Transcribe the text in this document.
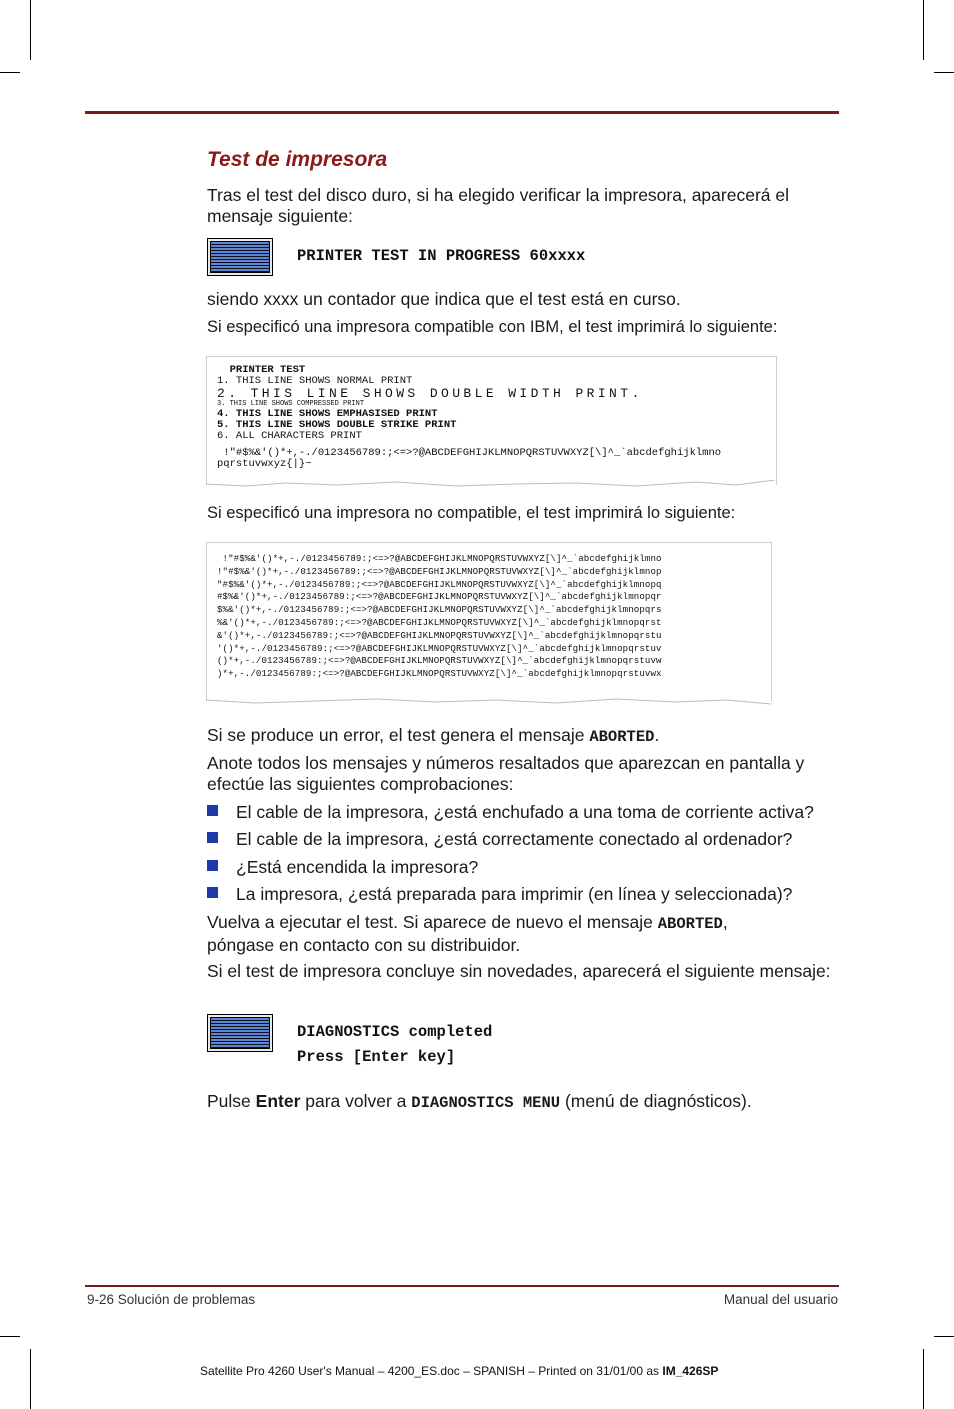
Test de impresora
Tras el test del disco duro, si ha elegido verificar la impresora, aparecerá el mensaje siguiente:
PRINTER TEST IN PROGRESS 60xxxx
siendo xxxx un contador que indica que el test está en curso.
Si especificó una impresora compatible con IBM, el test imprimirá lo siguiente:
PRINTER TEST
1. THIS LINE SHOWS NORMAL PRINT
2. THIS LINE SHOWS DOUBLE WIDTH PRINT.
3. THIS LINE SHOWS COMPRESSED PRINT
4. THIS LINE SHOWS EMPHASISED PRINT
5. THIS LINE SHOWS DOUBLE STRIKE PRINT
6. ALL CHARACTERS PRINT
!"#$%&'()*+,-./0123456789:;<=>?@ABCDEFGHIJKLMNOPQRSTUVWXYZ[\]^_`abcdefghijklmno
pqrstuvwxyz{|}~
Si especificó una impresora no compatible, el test imprimirá lo siguiente:
!"#$%&'()*+,-./0123456789:;<=>?@ABCDEFGHIJKLMNOPQRSTUVWXYZ[\]^_`abcdefghijklmno
!"#$%&'()*+,-./0123456789:;<=>?@ABCDEFGHIJKLMNOPQRSTUVWXYZ[\]^_`abcdefghijklmnop
"#$%&'()*+,-./0123456789:;<=>?@ABCDEFGHIJKLMNOPQRSTUVWXYZ[\]^_`abcdefghijklmnopq
#$%&'()*+,-./0123456789:;<=>?@ABCDEFGHIJKLMNOPQRSTUVWXYZ[\]^_`abcdefghijklmnopqr
$%&'()*+,-./0123456789:;<=>?@ABCDEFGHIJKLMNOPQRSTUVWXYZ[\]^_`abcdefghijklmnopqrs
%&'()*+,-./0123456789:;<=>?@ABCDEFGHIJKLMNOPQRSTUVWXYZ[\]^_`abcdefghijklmnopqrst
&'()*+,-./0123456789:;<=>?@ABCDEFGHIJKLMNOPQRSTUVWXYZ[\]^_`abcdefghijklmnopqrstu
'()*+,-./0123456789:;<=>?@ABCDEFGHIJKLMNOPQRSTUVWXYZ[\]^_`abcdefghijklmnopqrstuv
()*+,-./0123456789:;<=>?@ABCDEFGHIJKLMNOPQRSTUVWXYZ[\]^_`abcdefghijklmnopqrstuvw
)*+,-./0123456789:;<=>?@ABCDEFGHIJKLMNOPQRSTUVWXYZ[\]^_`abcdefghijklmnopqrstuvwx
Si se produce un error, el test genera el mensaje ABORTED.
Anote todos los mensajes y números resaltados que aparezcan en pantalla y efectúe las siguientes comprobaciones:
El cable de la impresora, ¿está enchufado a una toma de corriente activa?
El cable de la impresora, ¿está correctamente conectado al ordenador?
¿Está encendida la impresora?
La impresora, ¿está preparada para imprimir (en línea y seleccionada)?
Vuelva a ejecutar el test. Si aparece de nuevo el mensaje ABORTED,
póngase en contacto con su distribuidor.
Si el test de impresora concluye sin novedades, aparecerá el siguiente mensaje:
DIAGNOSTICS completed
Press [Enter key]
Pulse Enter para volver a DIAGNOSTICS MENU (menú de diagnósticos).
9-26 Solución de problemas	Manual del usuario
Satellite Pro 4260 User's Manual – 4200_ES.doc – SPANISH – Printed on 31/01/00 as IM_426SP
